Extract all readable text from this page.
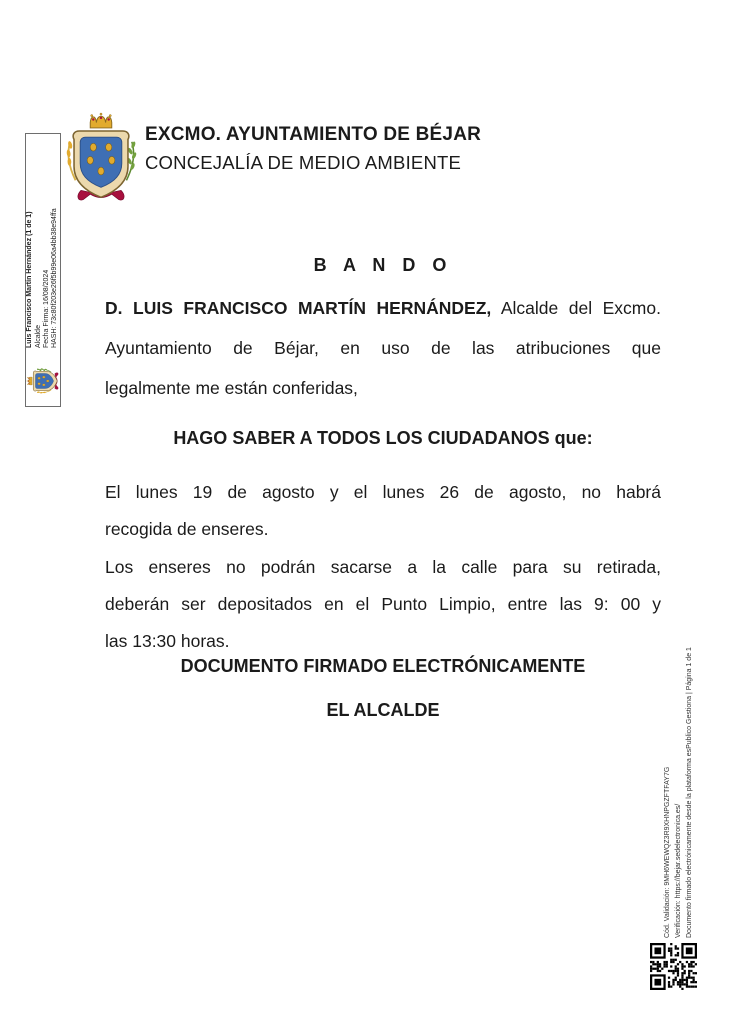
EXCMO. AYUNTAMIENTO DE BÉJAR
CONCEJALÍA DE MEDIO AMBIENTE
Luis Francisco Martín Hernández (1 de 1) Alcalde Fecha Firma: 16/08/2024 HASH: 73c80f203e26f5b99e06a4bb38e94ffa	B A N D O
D. LUIS FRANCISCO MARTÍN HERNÁNDEZ, Alcalde del Excmo.
Ayuntamiento de Béjar, en uso de las atribuciones que
legalmente me están conferidas,
HAGO SABER A TODOS LOS CIUDADANOS que:
El lunes 19 de agosto y el lunes 26 de agosto, no habrá
recogida de enseres.
Los enseres no podrán sacarse a la calle para su retirada,
deberán ser depositados en el Punto Limpio, entre las 9: 00 y
las 13:30 horas.
DOCUMENTO FIRMADO ELECTRÓNICAMENTE
EL ALCALDE
Cód. Validación: 9MH6WEWQZ3R9XHNPGZFTFAY7G Verificación: https://bejar.sedelectronica.es/ Documento firmado electrónicamente desde la plataforma esPublico Gestiona | Página 1 de 1
